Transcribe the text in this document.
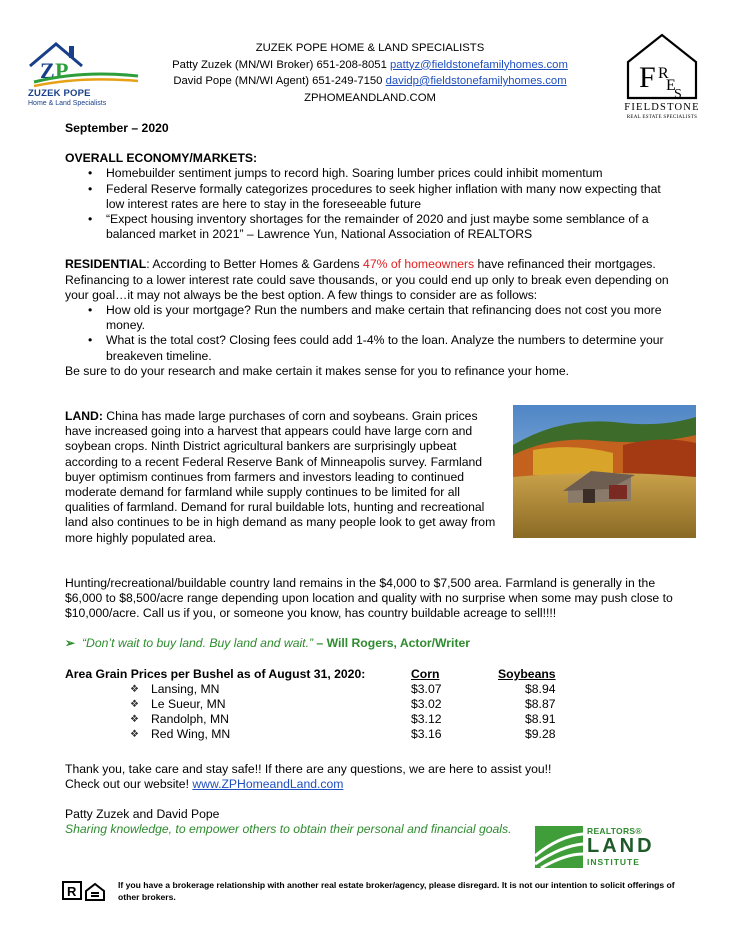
Z P
ZUZEK POPE
Home & Land Specialists
ZUZEK POPE HOME & LAND SPECIALISTS
Patty Zuzek (MN/WI Broker) 651-208-8051 pattyz@fieldstonefamilyhomes.com
David Pope (MN/WI Agent) 651-249-7150 davidp@fieldstonefamilyhomes.com
ZPHOMEANDLAND.COM
F R
E
S
FIELDSTONE
REAL ESTATE SPECIALISTS
September – 2020
OVERALL ECONOMY/MARKETS:
• Homebuilder sentiment jumps to record high. Soaring lumber prices could inhibit momentum
• Federal Reserve formally categorizes procedures to seek higher inflation with many now expecting that low interest rates are here to stay in the foreseeable future
• “Expect housing inventory shortages for the remainder of 2020 and just maybe some semblance of a balanced market in 2021” – Lawrence Yun, National Association of REALTORS
RESIDENTIAL: According to Better Homes & Gardens 47% of homeowners have refinanced their mortgages. Refinancing to a lower interest rate could save thousands, or you could end up only to break even depending on your goal…it may not always be the best option. A few things to consider are as follows:
• How old is your mortgage? Run the numbers and make certain that refinancing does not cost you more money.
• What is the total cost? Closing fees could add 1-4% to the loan. Analyze the numbers to determine your breakeven timeline.
Be sure to do your research and make certain it makes sense for you to refinance your home.
LAND: China has made large purchases of corn and soybeans. Grain prices have increased going into a harvest that appears could have large corn and soybean crops. Ninth District agricultural bankers are surprisingly upbeat according to a recent Federal Reserve Bank of Minneapolis survey. Farmland buyer optimism continues from farmers and investors leading to continued moderate demand for farmland while supply continues to be limited for all qualities of farmland. Demand for rural buildable lots, hunting and recreational land also continues to be in high demand as many people look to get away from more highly populated area.
Hunting/recreational/buildable country land remains in the $4,000 to $7,500 area. Farmland is generally in the $6,000 to $8,500/acre range depending upon location and quality with no surprise when some may push close to $10,000/acre. Call us if you, or someone you know, has country buildable acreage to sell!!!!
➢ “Don’t wait to buy land. Buy land and wait.” – Will Rogers, Actor/Writer
Area Grain Prices per Bushel as of August 31, 2020:	Corn	Soybeans
❖ Lansing, MN	$3.07	$8.94
❖ Le Sueur, MN	$3.02	$8.87
❖ Randolph, MN	$3.12	$8.91
❖ Red Wing, MN	$3.16	$9.28
Thank you, take care and stay safe!! If there are any questions, we are here to assist you!!
Check out our website! www.ZPHomeandLand.com
Patty Zuzek and David Pope
Sharing knowledge, to empower others to obtain their personal and financial goals.	REALTORS®
LAND
INSTITUTE
R	If you have a brokerage relationship with another real estate broker/agency, please disregard. It is not our intention to solicit offerings of other brokers.
